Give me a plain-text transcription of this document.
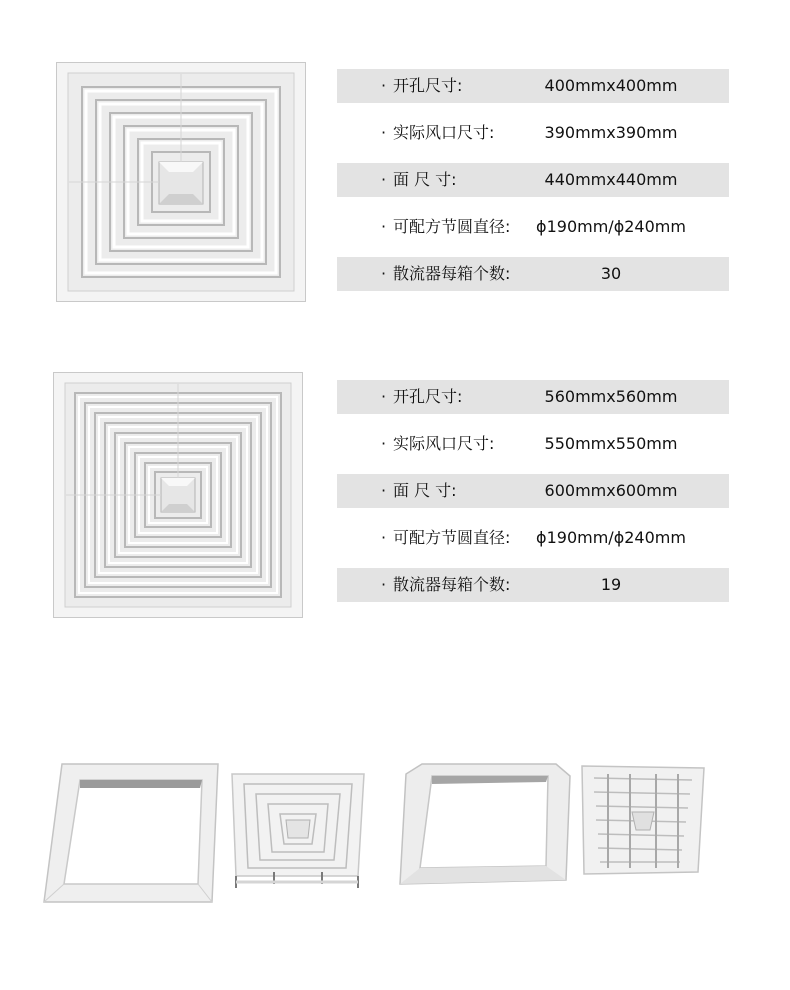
· 开孔尺寸:	400mmx400mm
· 实际风口尺寸:	390mmx390mm
· 面 尺 寸:	440mmx440mm
· 可配方节圆直径:	ϕ190mm/ϕ240mm
· 散流器每箱个数:	30
· 开孔尺寸:	560mmx560mm
· 实际风口尺寸:	550mmx550mm
· 面 尺 寸:	600mmx600mm
· 可配方节圆直径:	ϕ190mm/ϕ240mm
· 散流器每箱个数:	19
